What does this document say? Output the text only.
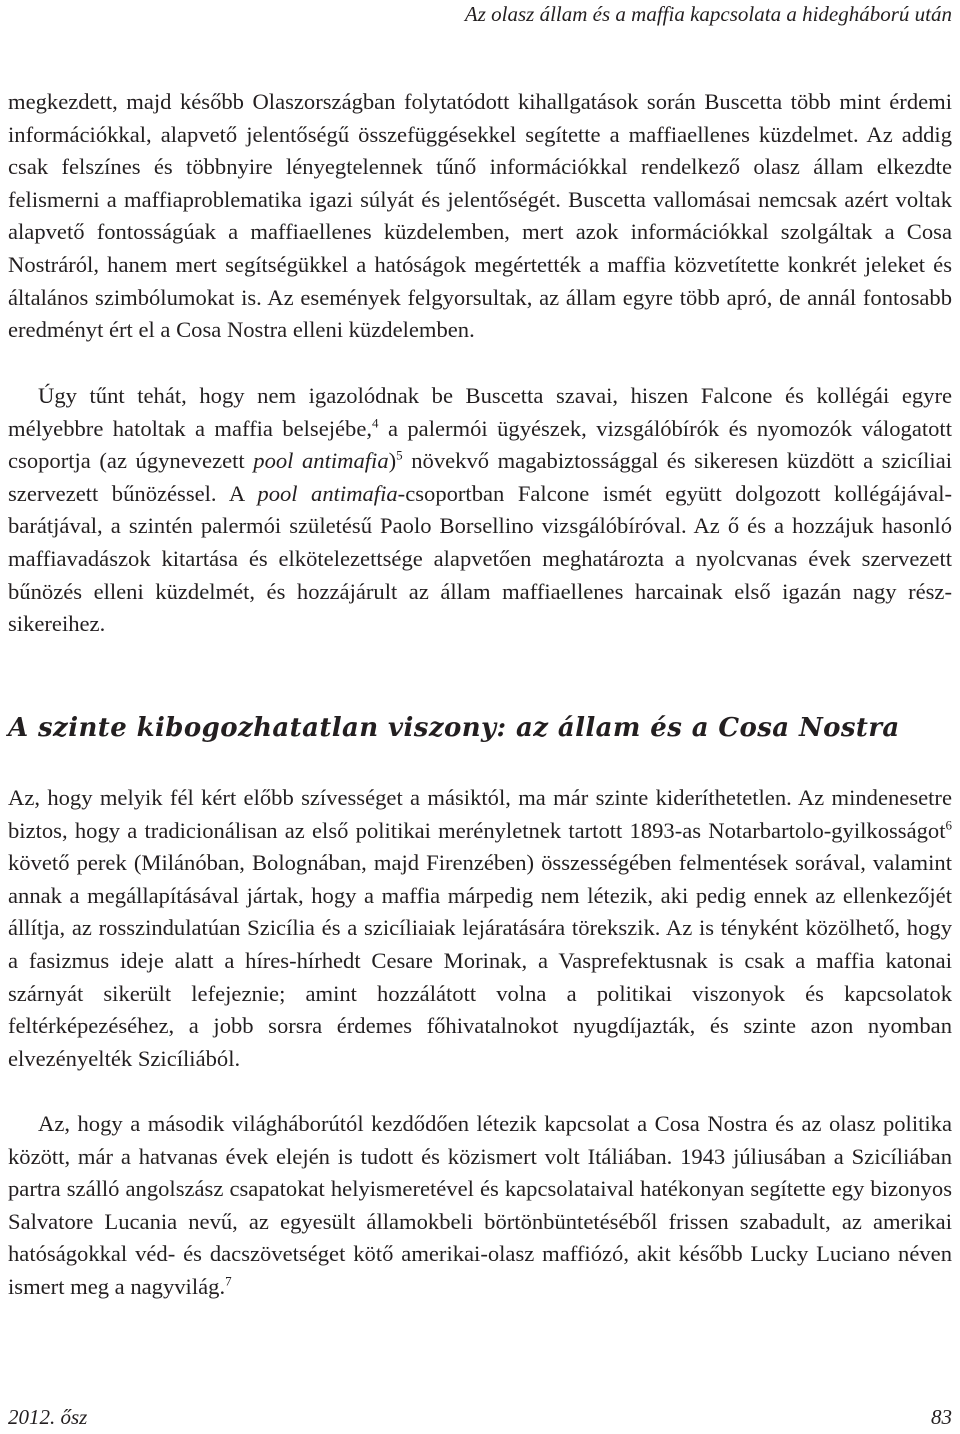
Az olasz állam és a maffia kapcsolata a hidegháború után

megkezdett, majd később Olaszországban folytatódott kihallgatások során Buscetta több mint érdemi információkkal, alapvető jelentőségű összefüggésekkel segítette a maffiaellenes küzdelmet. Az addig csak felszínes és többnyire lényegtelennek tűnő információkkal rendelkező olasz állam elkezdte felismerni a maffiaproblematika igazi súlyát és jelentőségét. Buscetta vallomásai nemcsak azért voltak alapvető fontosságúak a maffiaellenes küzdelemben, mert azok információkkal szolgáltak a Cosa Nostráról, hanem mert segítségükkel a hatóságok megértették a maffia közvetítette konkrét jeleket és általános szimbólumokat is. Az események felgyorsultak, az állam egyre több apró, de annál fontosabb eredményt ért el a Cosa Nostra elleni küzdelemben.

Úgy tűnt tehát, hogy nem igazolódnak be Buscetta szavai, hiszen Falcone és kollégái egyre mélyebbre hatoltak a maffia belsejébe,$^4$ a palermói ügyészek, vizsgálóbírók és nyomozók válogatott csoportja (az úgynevezett pool antimafia)$^5$ növekvő magabiztossággal és sikeresen küzdött a szicíliai szervezett bűnözéssel. A pool antimafia-csoportban Falcone ismét együtt dolgozott kollégájával-barátjával, a szintén palermói születésű Paolo Borsellino vizsgálóbíróval. Az ő és a hozzájuk hasonló maffiavadászok kitartása és elkötelezettsége alapvetően meghatározta a nyolcvanas évek szervezett bűnözés elleni küzdelmét, és hozzájárult az állam maffiaellenes harcainak első igazán nagy részsikereihez.

A szinte kibogozhatatlan viszony: az állam és a Cosa Nostra

Az, hogy melyik fél kért előbb szívességet a másiktól, ma már szinte kideríthetetlen. Az mindenesetre biztos, hogy a tradicionálisan az első politikai merényletnek tartott 1893-as Notarbartolo-gyilkosságot$^6$ követő perek (Milánóban, Bolognában, majd Firenzében) összességében felmentések sorával, valamint annak a megállapításával jártak, hogy a maffia márpedig nem létezik, aki pedig ennek az ellenkezőjét állítja, az rosszindulatúan Szicília és a szicíliaiak lejáratására törekszik. Az is tényként közölhető, hogy a fasizmus ideje alatt a híres-hírhedt Cesare Morinak, a Vasprefektusnak is csak a maffia katonai szárnyát sikerült lefejeznie; amint hozzálátott volna a politikai viszonyok és kapcsolatok feltérképezéséhez, a jobb sorsra érdemes főhivatalnokot nyugdíjazták, és szinte azon nyomban elvezényelték Szicíliából.

Az, hogy a második világháborútól kezdődően létezik kapcsolat a Cosa Nostra és az olasz politika között, már a hatvanas évek elején is tudott és közismert volt Itáliában. 1943 júliusában a Szicíliában partra szálló angolszász csapatokat helyismeretével és kapcsolataival hatékonyan segítette egy bizonyos Salvatore Lucania nevű, az egyesült államokbeli börtönbüntetéséből frissen szabadult, az amerikai hatóságokkal véd- és dacszövetséget kötő amerikai-olasz maffiózó, akit később Lucky Luciano néven ismert meg a nagyvilág.$^7$

2012. ősz	83
